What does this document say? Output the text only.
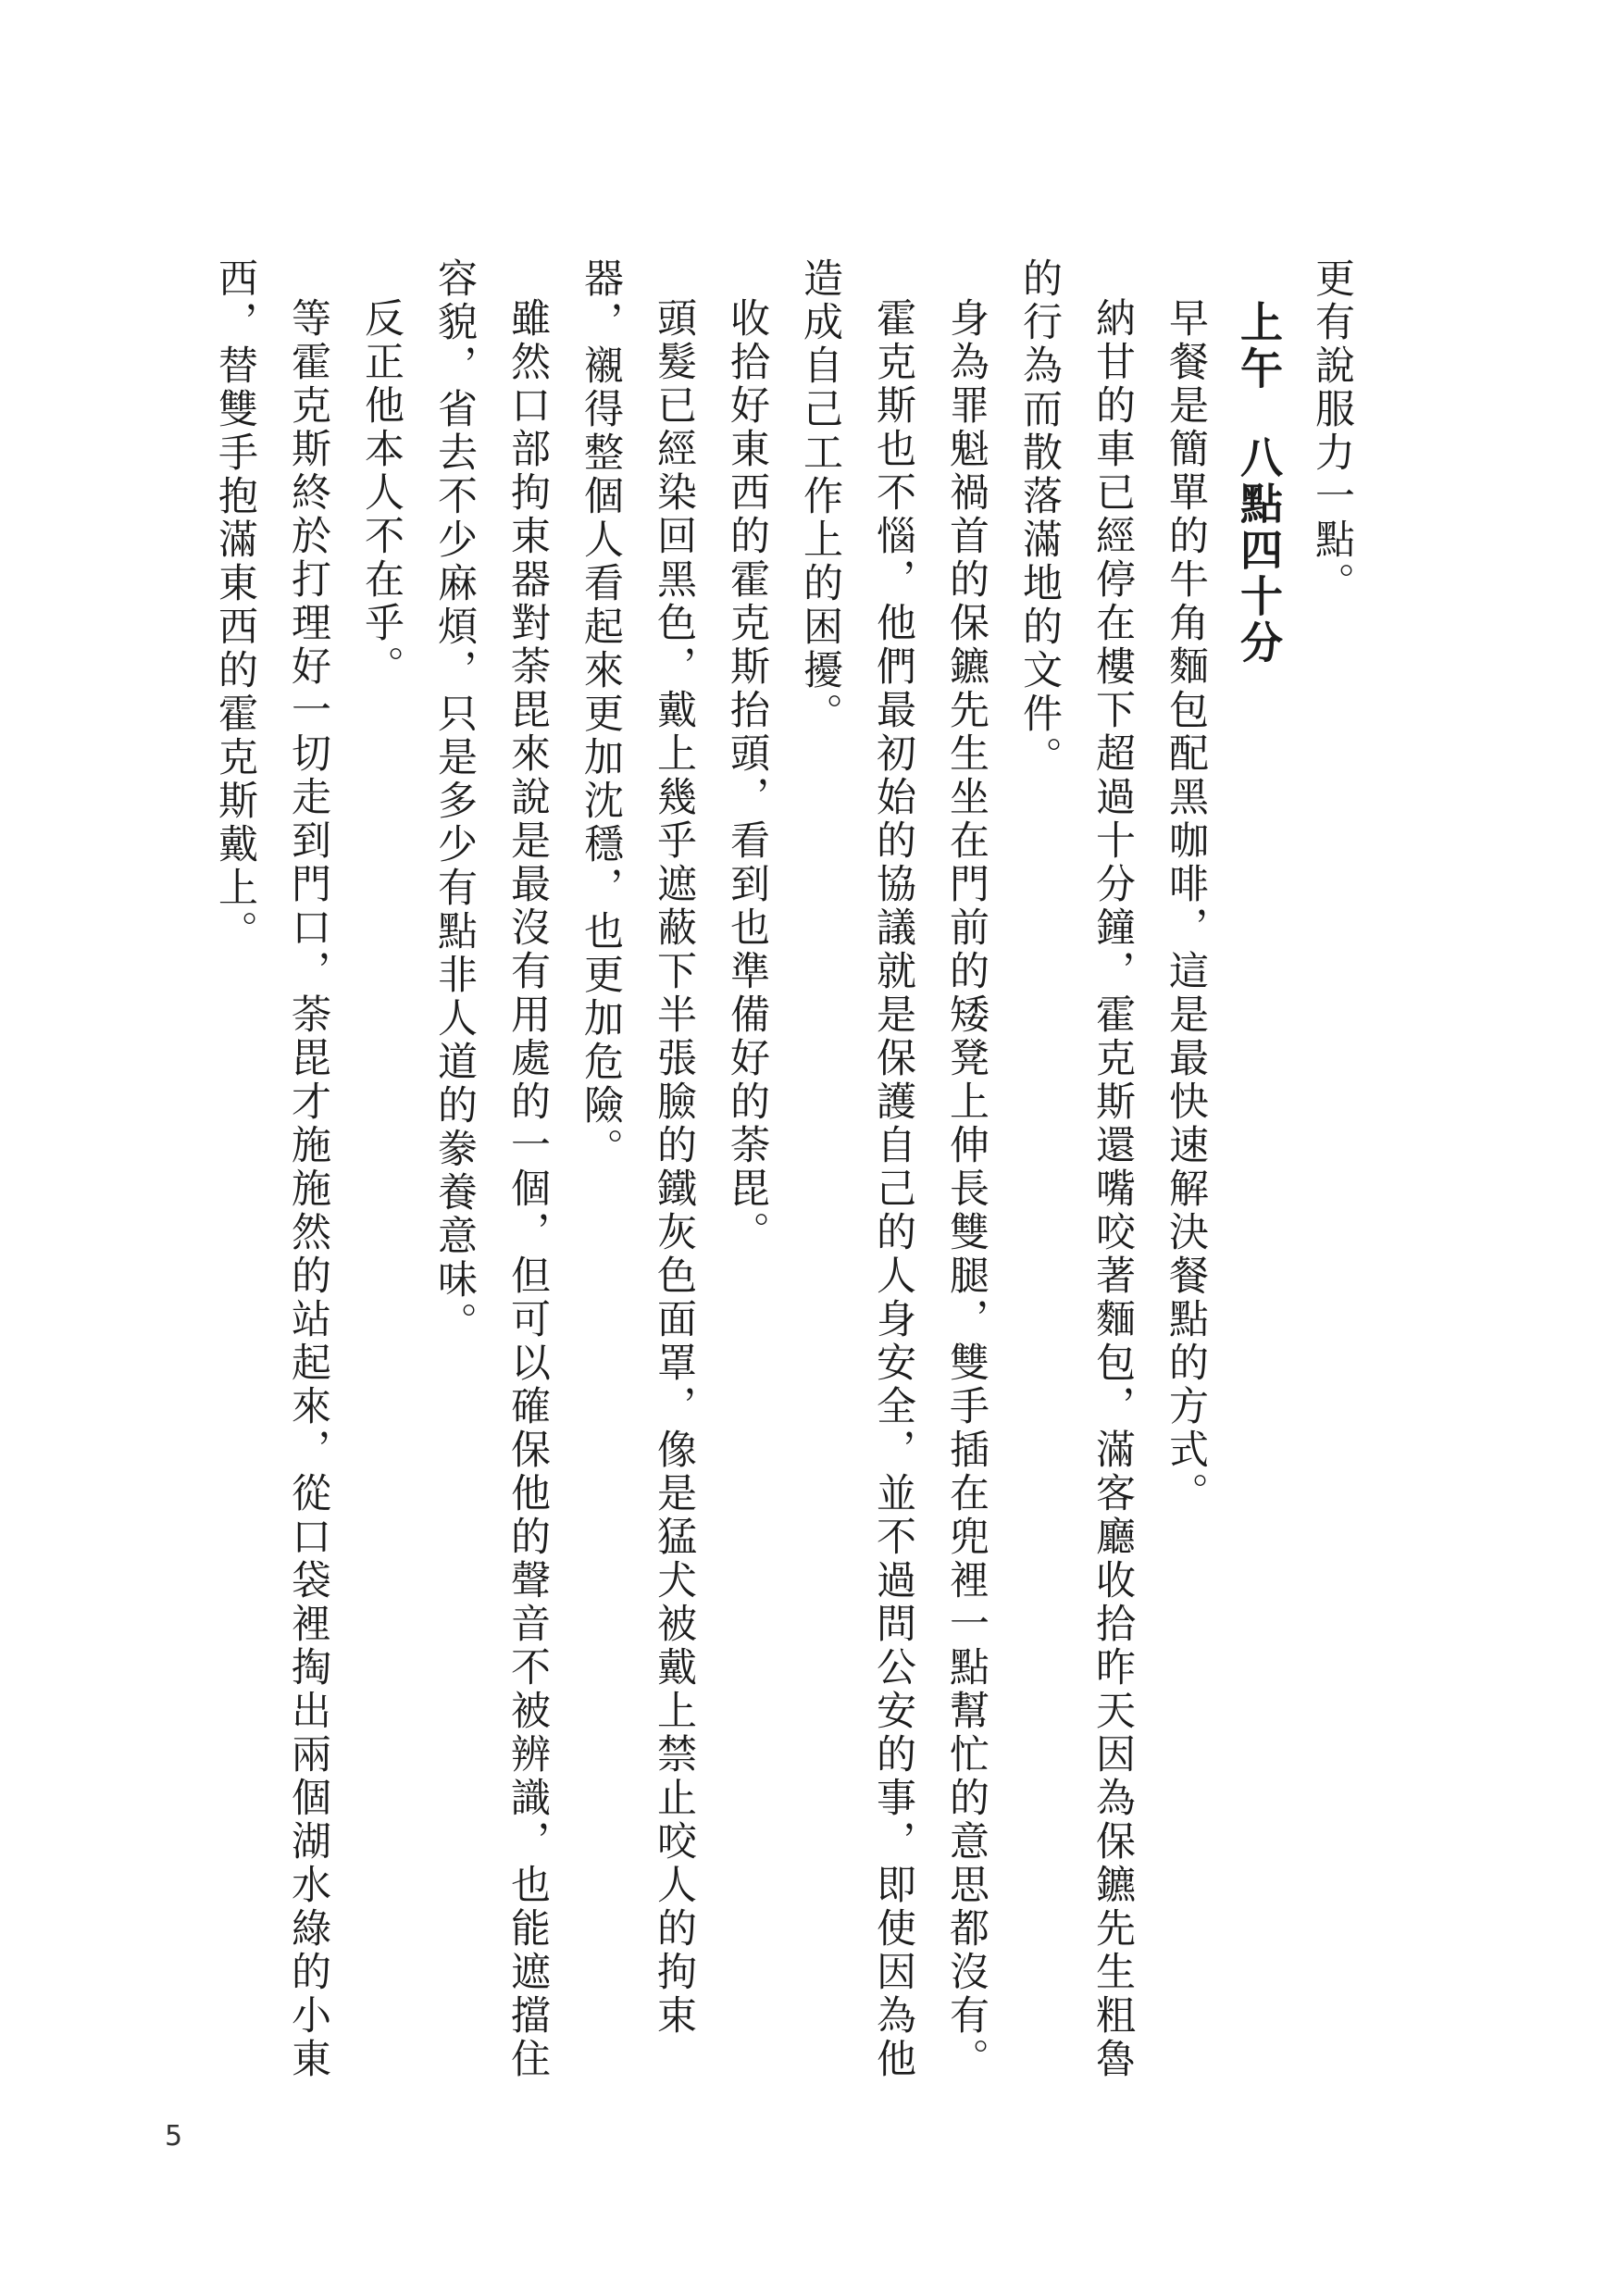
更有說服力一點。

上午八點四十分

早餐是簡單的牛角麵包配黑咖啡，這是最快速解決餐點的方式。

納甘的車已經停在樓下超過十分鐘，霍克斯還嘴咬著麵包，滿客廳收拾昨天因為保鑣先生粗魯的行為而散落滿地的文件。

身為罪魁禍首的保鑣先生坐在門前的矮凳上伸長雙腿，雙手插在兜裡一點幫忙的意思都沒有。

霍克斯也不惱，他們最初始的協議就是保護自己的人身安全，並不過問公安的事，即使因為他造成自己工作上的困擾。

收拾好東西的霍克斯抬頭，看到也準備好的荼毘。

頭髮已經染回黑色，戴上幾乎遮蔽下半張臉的鐵灰色面罩，像是猛犬被戴上禁止咬人的拘束器，襯得整個人看起來更加沈穩，也更加危險。

雖然口部拘束器對荼毘來說是最沒有用處的一個，但可以確保他的聲音不被辨識，也能遮擋住容貌，省去不少麻煩，只是多少有點非人道的豢養意味。

反正他本人不在乎。

等霍克斯終於打理好一切走到門口，荼毘才施施然的站起來，從口袋裡掏出兩個湖水綠的小東西，替雙手抱滿東西的霍克斯戴上。

5
